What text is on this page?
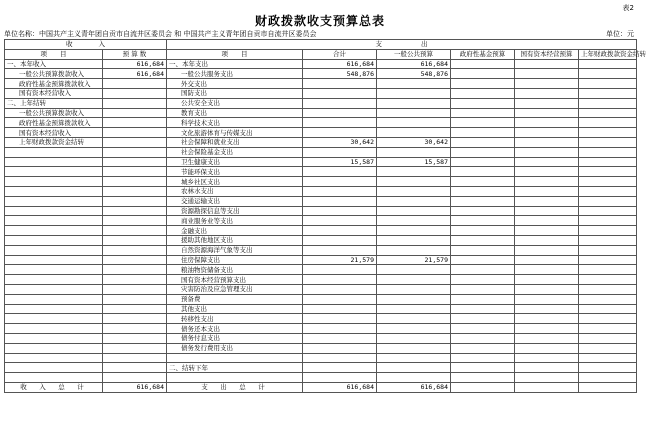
表2
财政拨款收支预算总表
单位名称：中国共产主义青年团自贡市自流井区委员会 和 中国共产主义青年团自贡市自流井区委员会	单位：元
收　　　　入		支　　　　　　出					
项　　目	预 算 数	项　　目	合计	一般公共预算	政府性基金预算	国有资本经营预算	上年财政拨款资金结转
一、本年收入	616,684	一、本年支出	616,684	616,684			
一般公共预算拨款收入	616,684	一般公共服务支出	548,876	548,876			
政府性基金预算拨款收入		外交支出					
国有资本经营收入		国防支出					
二、上年结转		公共安全支出					
一般公共预算拨款收入		教育支出					
政府性基金预算拨款收入		科学技术支出					
国有资本经营收入		文化旅游体育与传媒支出					
上年财政拨款资金结转		社会保障和就业支出	30,642	30,642			
		社会保险基金支出					
		卫生健康支出	15,587	15,587			
		节能环保支出					
		城乡社区支出					
		农林水支出					
		交通运输支出					
		资源勘探信息等支出					
		商业服务业等支出					
		金融支出					
		援助其他地区支出					
		自然资源海洋气象等支出					
		住房保障支出	21,579	21,579			
		粮油物资储备支出					
		国有资本经营预算支出					
		灾害防治及应急管理支出					
		预备费					
		其他支出					
		转移性支出					
		债务还本支出					
		债务付息支出					
		债务发行费用支出					

		二、结转下年					

收　入　总　计	616,684	支　出　总　计	616,684	616,684			
